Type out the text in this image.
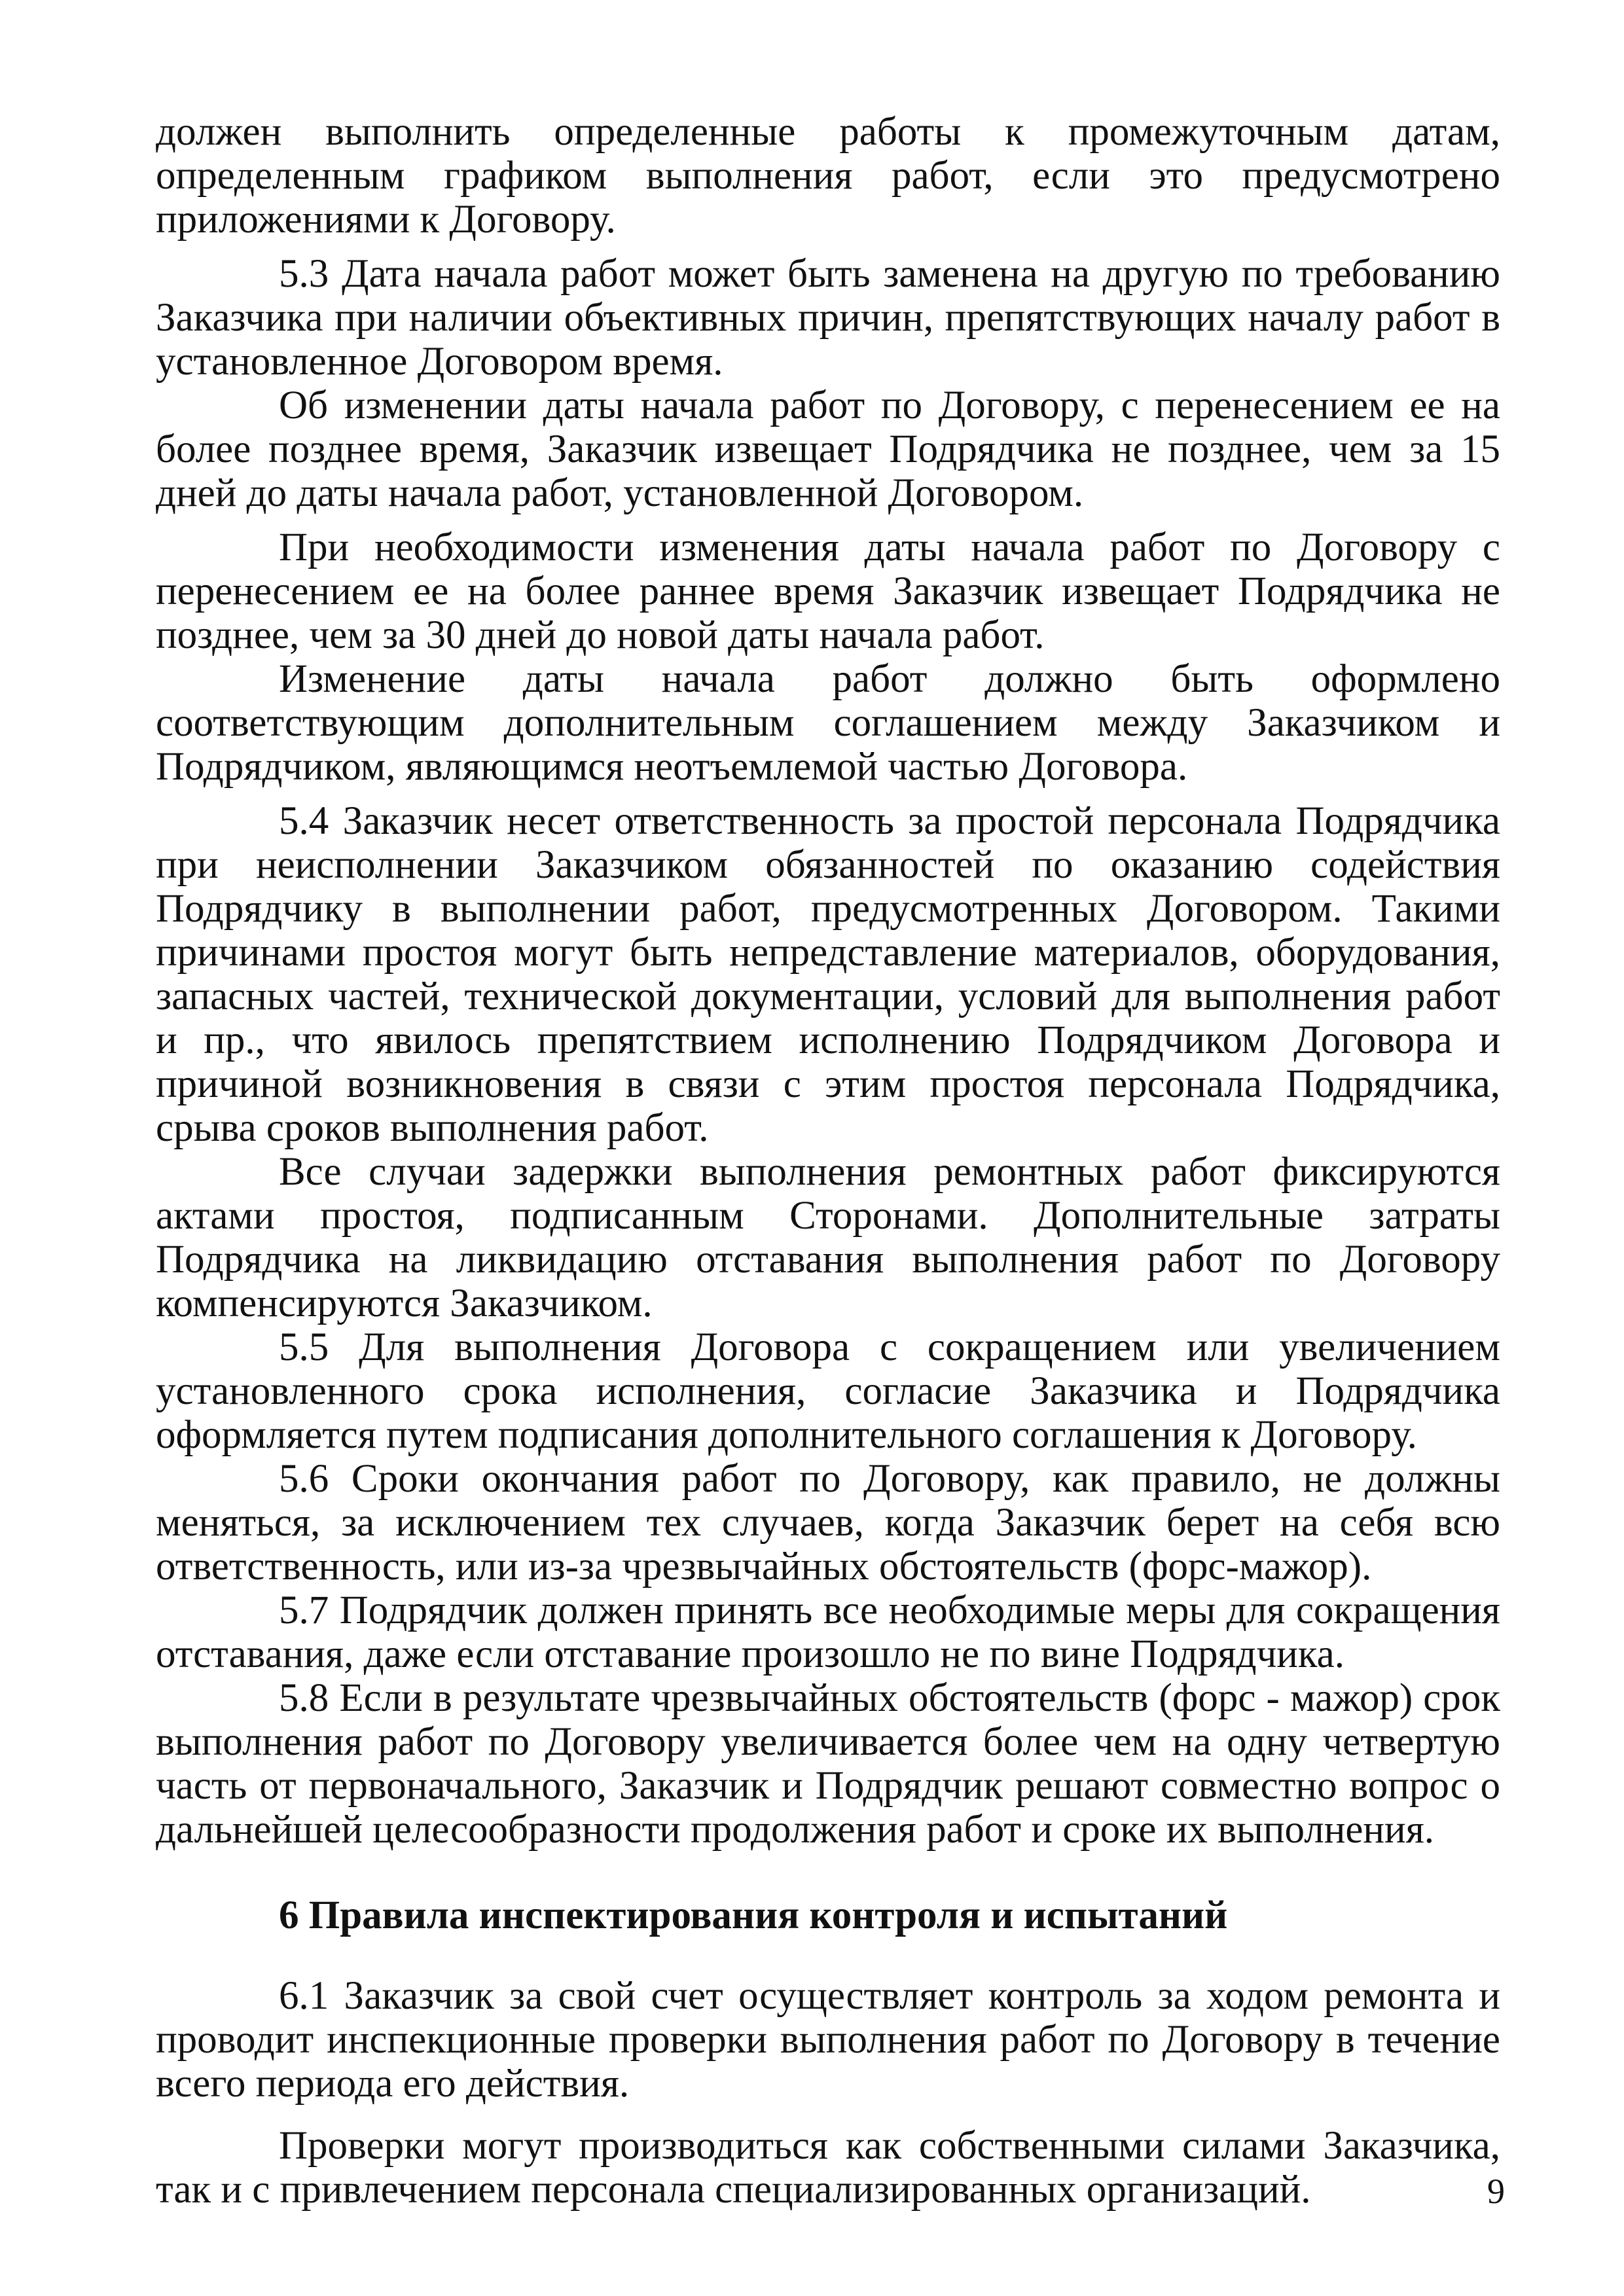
должен выполнить определенные работы к промежуточным датам, определенным графиком выполнения работ, если это предусмотрено приложениями к Договору.

5.3 Дата начала работ может быть заменена на другую по требованию Заказчика при наличии объективных причин, препятствующих началу работ в установленное Договором время.

Об изменении даты начала работ по Договору, с перенесением ее на более позднее время, Заказчик извещает Подрядчика не позднее, чем за 15 дней до даты начала работ, установленной Договором.

При необходимости изменения даты начала работ по Договору с перенесением ее на более раннее время Заказчик извещает Подрядчика не позднее, чем за 30 дней до новой даты начала работ.

Изменение даты начала работ должно быть оформлено соответствующим дополнительным соглашением между Заказчиком и Подрядчиком, являющимся неотъемлемой частью Договора.

5.4 Заказчик несет ответственность за простой персонала Подрядчика при неисполнении Заказчиком обязанностей по оказанию содействия Подрядчику в выполнении работ, предусмотренных Договором. Такими причинами простоя могут быть непредставление материалов, оборудования, запасных частей, технической документации, условий для выполнения работ и пр., что явилось препятствием исполнению Подрядчиком Договора и причиной возникновения в связи с этим простоя персонала Подрядчика, срыва сроков выполнения работ.

Все случаи задержки выполнения ремонтных работ фиксируются актами простоя, подписанным Сторонами. Дополнительные затраты Подрядчика на ликвидацию отставания выполнения работ по Договору компенсируются Заказчиком.

5.5 Для выполнения Договора с сокращением или увеличением установленного срока исполнения, согласие Заказчика и Подрядчика оформляется путем подписания дополнительного соглашения к Договору.

5.6 Сроки окончания работ по Договору, как правило, не должны меняться, за исключением тех случаев, когда Заказчик берет на себя всю ответственность, или из-за чрезвычайных обстоятельств (форс-мажор).

5.7 Подрядчик должен принять все необходимые меры для сокращения отставания, даже если отставание произошло не по вине Подрядчика.

5.8 Если в результате чрезвычайных обстоятельств (форс - мажор) срок выполнения работ по Договору увеличивается более чем на одну четвертую часть от первоначального, Заказчик и Подрядчик решают совместно вопрос о дальнейшей целесообразности продолжения работ и сроке их выполнения.

6 Правила инспектирования контроля и испытаний

6.1 Заказчик за свой счет осуществляет контроль за ходом ремонта и проводит инспекционные проверки выполнения работ по Договору в течение всего периода его действия.

Проверки могут производиться как собственными силами Заказчика, так и с привлечением персонала специализированных организаций.	9
